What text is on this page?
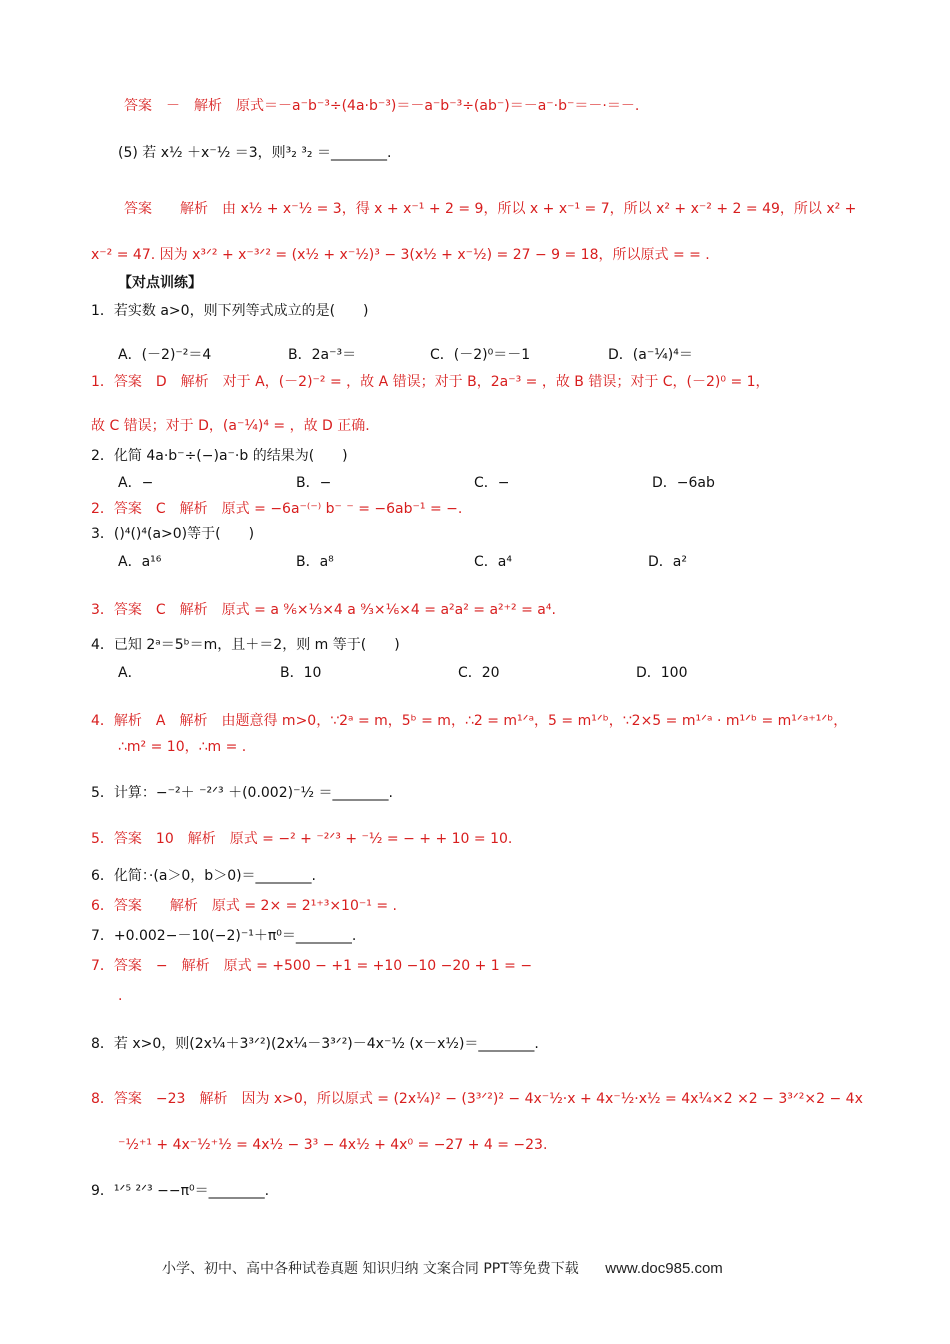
答案　－　解析　原式＝－a⁻b⁻³÷(4a·b⁻³)＝－a⁻b⁻³÷(ab⁻)＝－a⁻·b⁻＝－·＝－.
(5) 若 x½ ＋x⁻½ ＝3，则³₂ ³₂ ＝________.
答案　　解析　由 x½ + x⁻½ = 3，得 x + x⁻¹ + 2 = 9，所以 x + x⁻¹ = 7，所以 x² + x⁻² + 2 = 49，所以 x² +
x⁻² = 47. 因为 x³ᐟ² + x⁻³ᐟ² = (x½ + x⁻½)³ − 3(x½ + x⁻½) = 27 − 9 = 18，所以原式 = = .
【对点训练】
1．若实数 a>0，则下列等式成立的是(　　)
A．(－2)⁻²＝4	B．2a⁻³＝	C．(－2)⁰＝－1	D．(a⁻¼)⁴＝
1．答案　D　解析　对于 A，(－2)⁻² = ，故 A 错误；对于 B，2a⁻³ = ，故 B 错误；对于 C，(－2)⁰ = 1，
故 C 错误；对于 D，(a⁻¼)⁴ = ，故 D 正确.
2．化简 4a·b⁻÷(−)a⁻·b 的结果为(　　)
A．−	B．−	C．−	D．−6ab
2．答案　C　解析　原式 = −6a⁻⁽⁻⁾ b⁻ ⁻ = −6ab⁻¹ = −.
3．()⁴()⁴(a>0)等于(　　)
A．a¹⁶	B．a⁸	C．a⁴	D．a²
3．答案　C　解析　原式 = a ⁹⁄₆×⅓×4 a ⁹⁄₃×⅙×4 = a²a² = a²⁺² = a⁴.
4．已知 2ᵃ＝5ᵇ＝m，且＋＝2，则 m 等于(　　)
A．	B．10	C．20	D．100
4．解析　A　解析　由题意得 m>0，∵2ᵃ = m，5ᵇ = m，∴2 = m¹ᐟᵃ，5 = m¹ᐟᵇ，∵2×5 = m¹ᐟᵃ · m¹ᐟᵇ = m¹ᐟᵃ⁺¹ᐟᵇ，
∴m² = 10，∴m = .
5．计算：−⁻²＋ ⁻²ᐟ³ ＋(0.002)⁻½ ＝________.
5．答案　10　解析　原式 = −² + ⁻²ᐟ³ + ⁻½ = − + + 10 = 10.
6．化简：·(a＞0，b＞0)＝________.
6．答案　　解析　原式 = 2× = 2¹⁺³×10⁻¹ = .
7．+0.002−－10(−2)⁻¹＋π⁰＝________.
7．答案　−　解析　原式 = +500 − +1 = +10 −10 −20 + 1 = −
.
8．若 x>0，则(2x¼＋3³ᐟ²)(2x¼－3³ᐟ²)－4x⁻½ (x－x½)＝________.
8．答案　−23　解析　因为 x>0，所以原式 = (2x¼)² − (3³ᐟ²)² − 4x⁻½·x + 4x⁻½·x½ = 4x¼×2 ×2 − 3³ᐟ²×2 − 4x
⁻½⁺¹ + 4x⁻½⁺½ = 4x½ − 3³ − 4x½ + 4x⁰ = −27 + 4 = −23.
9．¹ᐟ⁵ ²ᐟ³ −−π⁰＝________.
小学、初中、高中各种试卷真题 知识归纳 文案合同 PPT等免费下载 www.doc985.com
